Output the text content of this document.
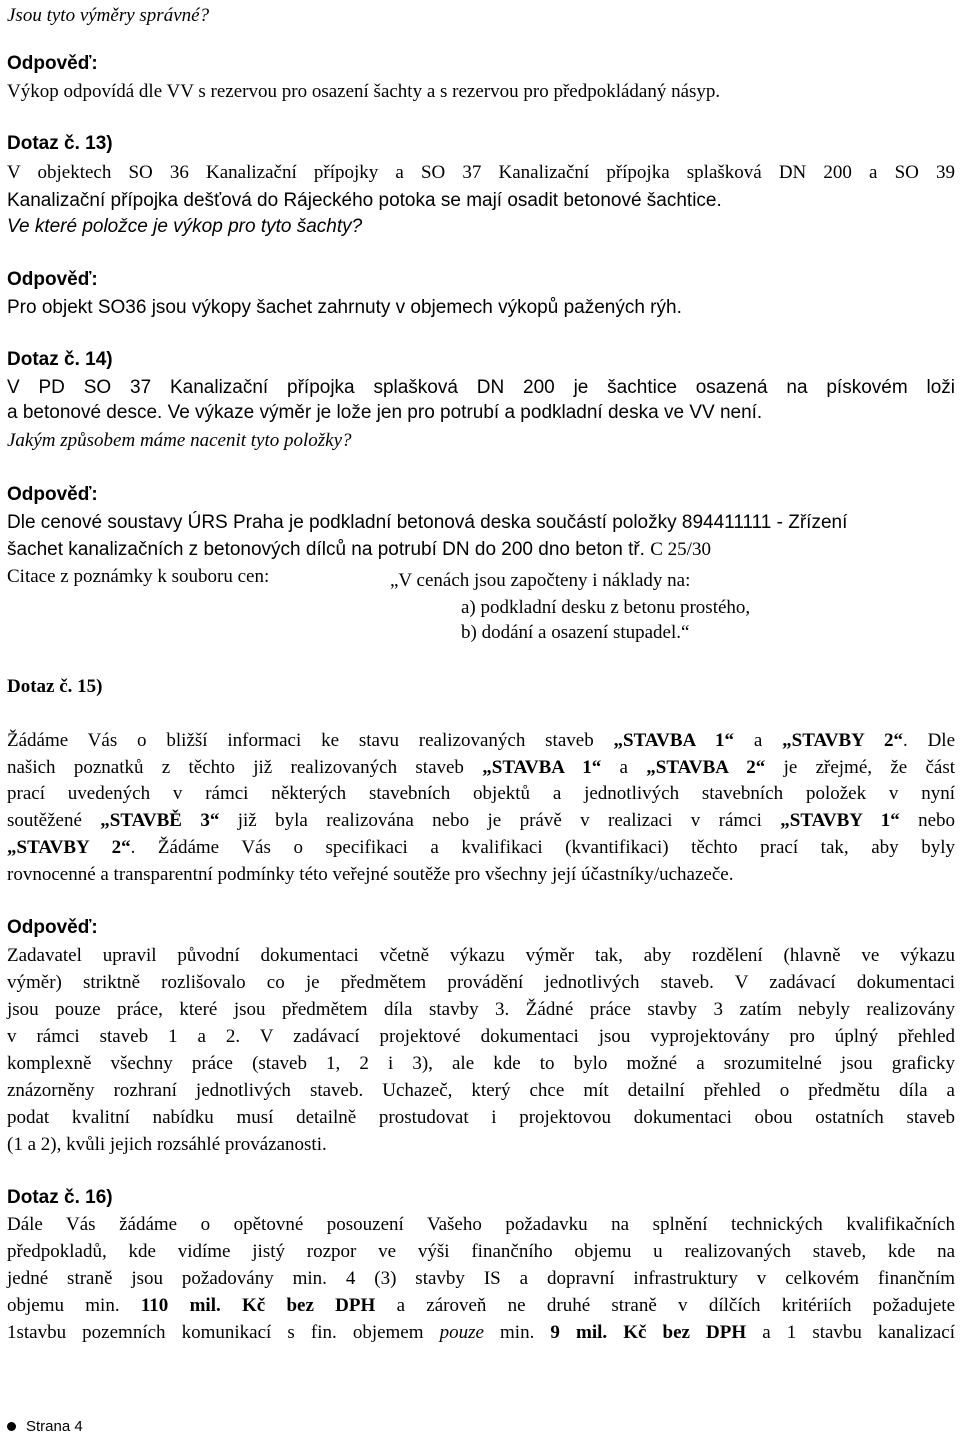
Jsou tyto výměry správné?
Odpověď:
Výkop odpovídá dle VV s rezervou pro osazení šachty a s rezervou pro předpokládaný násyp.
Dotaz č. 13)
V objektech SO 36 Kanalizační přípojky a SO 37 Kanalizační přípojka splašková DN 200 a SO 39
Kanalizační přípojka dešťová do Rájeckého potoka se mají osadit betonové šachtice.
Ve které položce je výkop pro tyto šachty?
Odpověď:
Pro objekt SO36 jsou výkopy šachet zahrnuty v objemech výkopů pažených rýh.
Dotaz č. 14)
V PD SO 37 Kanalizační přípojka splašková DN 200 je šachtice osazená na pískovém loži
a betonové desce. Ve výkaze výměr je lože jen pro potrubí a podkladní deska ve VV není.
Jakým způsobem máme nacenit tyto položky?
Odpověď:
Dle cenové soustavy ÚRS Praha je podkladní betonová deska součástí položky 894411111 - Zřízení
šachet kanalizačních z betonových dílců na potrubí DN do 200 dno beton tř. C 25/30
Citace z poznámky k souboru cen:	„V cenách jsou započteny i náklady na:
a) podkladní desku z betonu prostého,
b) dodání a osazení stupadel.“
Dotaz č. 15)
Žádáme Vás o bližší informaci ke stavu realizovaných staveb „STAVBA 1“ a „STAVBY 2“. Dle
našich poznatků z těchto již realizovaných staveb „STAVBA 1“ a „STAVBA 2“ je zřejmé, že část
prací uvedených v rámci některých stavebních objektů a jednotlivých stavebních položek v nyní
soutěžené „STAVBĚ 3“ již byla realizována nebo je právě v realizaci v rámci „STAVBY 1“ nebo
„STAVBY 2“. Žádáme Vás o specifikaci a kvalifikaci (kvantifikaci) těchto prací tak, aby byly
rovnocenné a transparentní podmínky této veřejné soutěže pro všechny její účastníky/uchazeče.
Odpověď:
Zadavatel upravil původní dokumentaci včetně výkazu výměr tak, aby rozdělení (hlavně ve výkazu
výměr) striktně rozlišovalo co je předmětem provádění jednotlivých staveb. V zadávací dokumentaci
jsou pouze práce, které jsou předmětem díla stavby 3. Žádné práce stavby 3 zatím nebyly realizovány
v rámci staveb 1 a 2. V zadávací projektové dokumentaci jsou vyprojektovány pro úplný přehled
komplexně všechny práce (staveb 1, 2 i 3), ale kde to bylo možné a srozumitelné jsou graficky
znázorněny rozhraní jednotlivých staveb. Uchazeč, který chce mít detailní přehled o předmětu díla a
podat kvalitní nabídku musí detailně prostudovat i projektovou dokumentaci obou ostatních staveb
(1 a 2), kvůli jejich rozsáhlé provázanosti.
Dotaz č. 16)
Dále Vás žádáme o opětovné posouzení Vašeho požadavku na splnění technických kvalifikačních
předpokladů, kde vidíme jistý rozpor ve výši finančního objemu u realizovaných staveb, kde na
jedné straně jsou požadovány min. 4 (3) stavby IS a dopravní infrastruktury v celkovém finančním
objemu min. 110 mil. Kč bez DPH a zároveň ne druhé straně v dílčích kritériích požadujete
1stavbu pozemních komunikací s fin. objemem pouze min. 9 mil. Kč bez DPH a 1 stavbu kanalizací
Strana 4
